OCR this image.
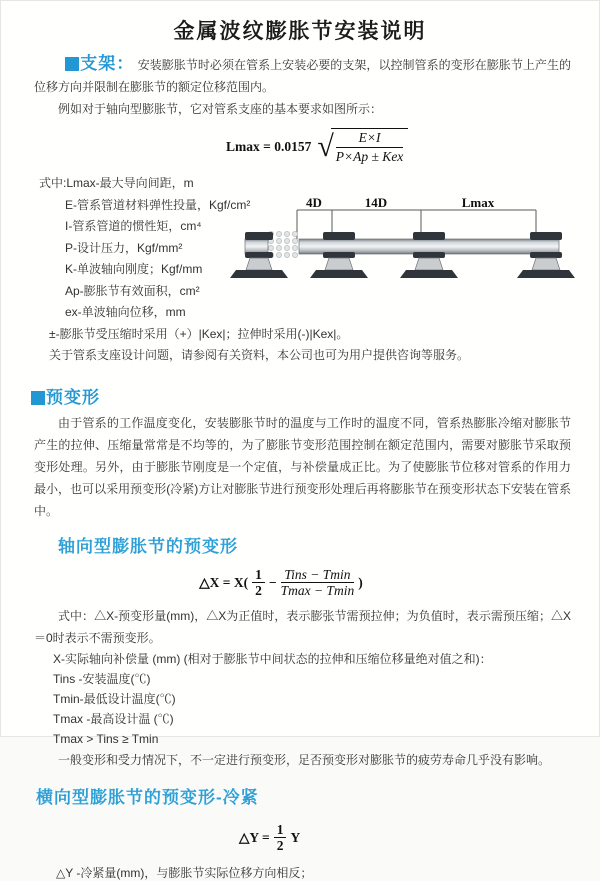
金属波纹膨胀节安装说明

支架： 安装膨胀节时必须在管系上安装必要的支架，以控制管系的变形在膨胀节上产生的位移方向并限制在膨胀节的额定位移范围内。

例如对于轴向型膨胀节，它对管系支座的基本要求如图所示：

Lmax = 0.0157 √
$\frac{E\times I}{\text{P×Ap ± Kex}}$
式中:Lmax-最大导向间距，m
E-管系管道材料弹性投量，Kgf/cm²
I-管系管道的惯性矩，cm⁴
P-设计压力，Kgf/mm²
K-单波轴向刚度；Kgf/mm
Ap-膨胀节有效面积，cm²
ex-单波轴向位移，mm
±-膨胀节受压缩时采用（+）|Kex|；拉伸时采用(-)|Kex|。
关于管系支座设计问题，请参阅有关资料，本公司也可为用户提供咨询等服务。
4D	14D	Lmax
预变形

由于管系的工作温度变化，安装膨胀节时的温度与工作时的温度不同，管系热膨胀冷缩对膨胀节产生的拉伸、压缩量常常是不均等的，为了膨胀节变形范围控制在额定范围内，需要对膨胀节采取预变形处理。另外，由于膨胀节刚度是一个定值，与补偿量成正比。为了使膨胀节位移对管系的作用力最小，也可以采用预变形(冷紧)方让对膨胀节进行预变形处理后再将膨胀节在预变形状态下安装在管系中。

轴向型膨胀节的预变形
△X = $X( \frac{1}{2} - \frac{\text{Tins − Tmin}}{Tmax - Tmin}$ )

式中：△X-预变形量(mm)，△X为正值时，表示膨张节需预拉伸；为负值时，表示需预压缩；△X＝0时表示不需预变形。

X-实际轴向补偿量 (mm) (相对于膨胀节中间状态的拉伸和压缩位移量绝对值之和)：
Tins -安装温度(℃)
Tmin-最低设计温度(℃)
Tmax -最高设计温 (℃)
Tmax > Tins ≥ Tmin

一般变形和受力情况下，不一定进行预变形，足否预变形对膨胀节的疲劳寿命几乎没有影响。

横向型膨胀节的预变形-冷紧
△Y = $\frac{1}{2}$ Y
△Y -冷紧量(mm)，与膨胀节实际位移方向相反；
